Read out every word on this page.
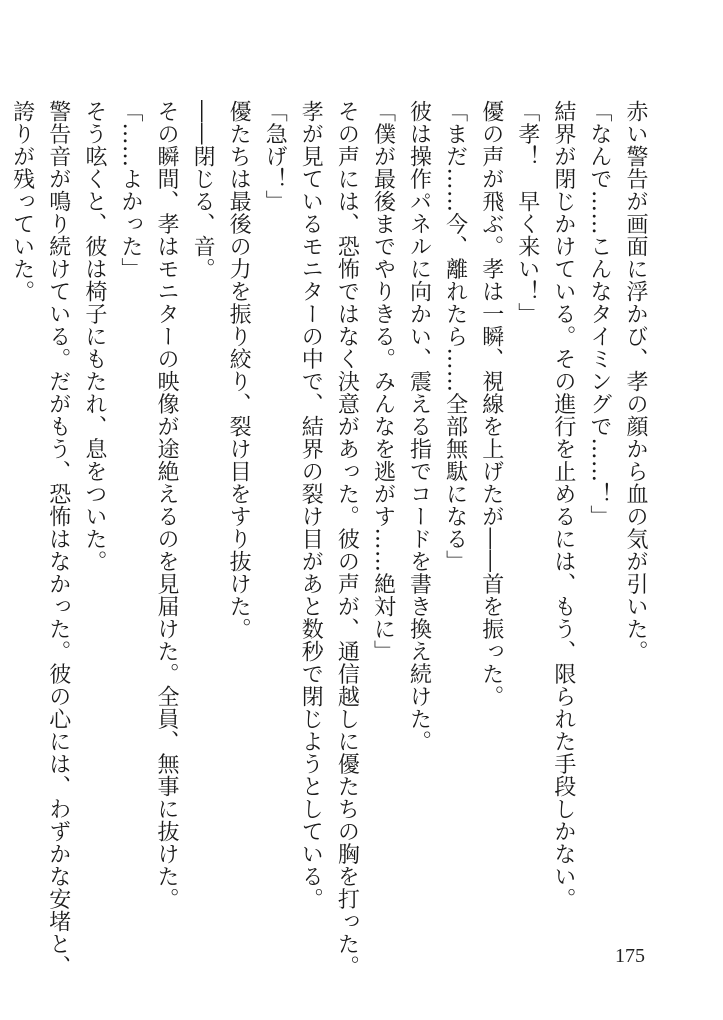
赤い警告が画面に浮かび、孝の顔から血の気が引いた。
「なんで……こんなタイミングで……！」
結界が閉じかけている。その進行を止めるには、もう、限られた手段しかない。
「孝！　早く来い！」
優の声が飛ぶ。孝は一瞬、視線を上げたが――首を振った。
「まだ……今、離れたら……全部無駄になる」
彼は操作パネルに向かい、震える指でコードを書き換え続けた。
「僕が最後までやりきる。みんなを逃がす……絶対に」
その声には、恐怖ではなく決意があった。彼の声が、通信越しに優たちの胸を打った。
孝が見ているモニターの中で、結界の裂け目があと数秒で閉じようとしている。
「急げ！」
優たちは最後の力を振り絞り、裂け目をすり抜けた。
――閉じる、音。
その瞬間、孝はモニターの映像が途絶えるのを見届けた。全員、無事に抜けた。
「……よかった」
そう呟くと、彼は椅子にもたれ、息をついた。
警告音が鳴り続けている。だがもう、恐怖はなかった。彼の心には、わずかな安堵と、
誇りが残っていた。
175
